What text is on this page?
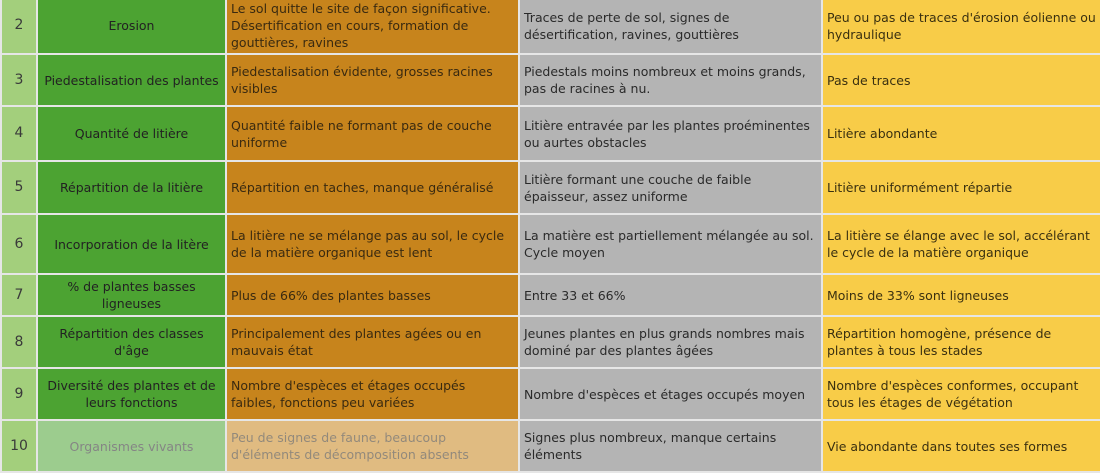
2	Erosion	Le sol quitte le site de façon significative. Désertification en cours, formation de gouttières, ravines	Traces de perte de sol, signes de désertification, ravines, gouttières	Peu ou pas de traces d'érosion éolienne ou hydraulique
3	Piedestalisation des plantes	Piedestalisation évidente, grosses racines visibles	Piedestals moins nombreux et moins grands, pas de racines à nu.	Pas de traces
4	Quantité de litière	Quantité faible ne formant pas de couche uniforme	Litière entravée par les plantes proéminentes ou aurtes obstacles	Litière abondante
5	Répartition de la litière	Répartition en taches, manque généralisé	Litière formant une couche de faible épaisseur, assez uniforme	Litière uniformément répartie
6	Incorporation de la litère	La litière ne se mélange pas au sol, le cycle de la matière organique est lent	La matière est partiellement mélangée au sol. Cycle moyen	La litière se élange avec le sol, accélérant le cycle de la matière organique
7	% de plantes basses ligneuses	Plus de 66% des plantes basses	Entre 33 et 66%	Moins de 33% sont ligneuses
8	Répartition des classes d'âge	Principalement des plantes agées ou en mauvais état	Jeunes plantes en plus grands nombres mais dominé par des plantes âgées	Répartition homogène, présence de plantes à tous les stades
9	Diversité des plantes et de leurs fonctions	Nombre d'espèces et étages occupés faibles, fonctions peu variées	Nombre d'espèces et étages occupés moyen	Nombre d'espèces conformes, occupant tous les étages de végétation
10	Organismes vivants	Peu de signes de faune, beaucoup d'éléments de décomposition absents	Signes plus nombreux, manque certains éléments	Vie abondante dans toutes ses formes
